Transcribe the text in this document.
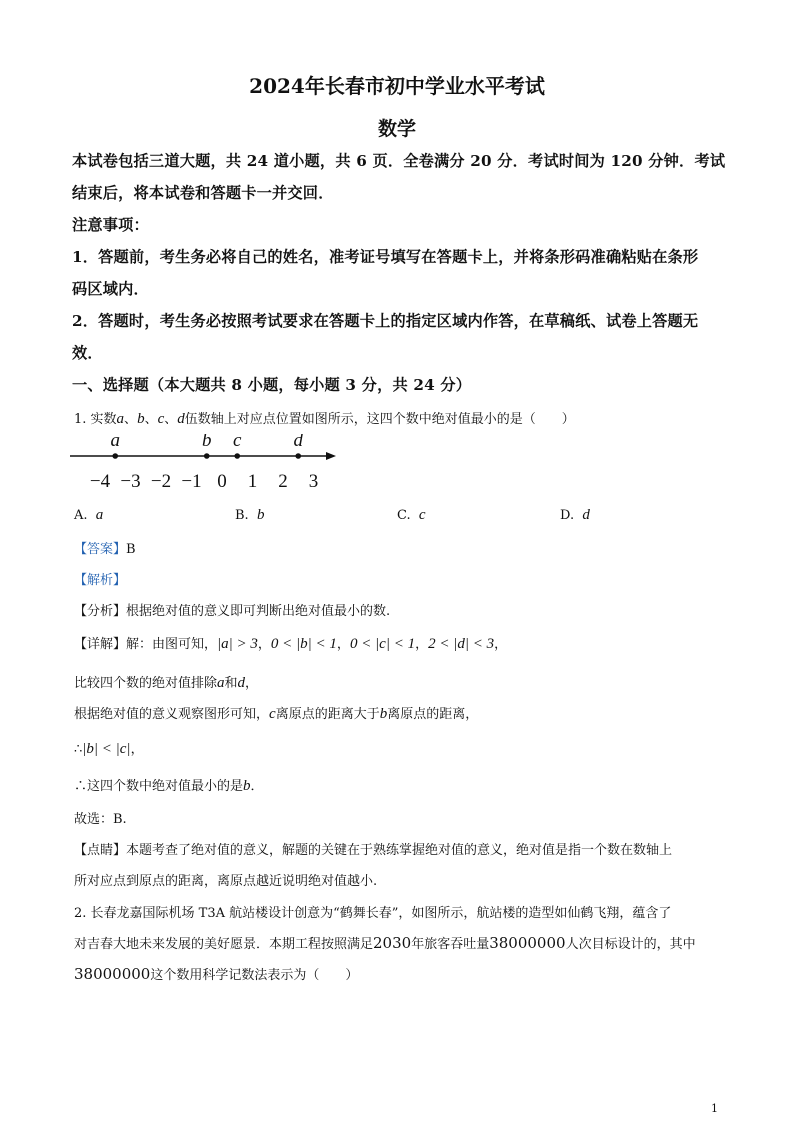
2024年长春市初中学业水平考试
数学
本试卷包括三道大题，共 24 道小题，共 6 页．全卷满分 20 分．考试时间为 120 分钟．考试
结束后，将本试卷和答题卡一并交回．
注意事项：
1．答题前，考生务必将自己的姓名，准考证号填写在答题卡上，并将条形码准确粘贴在条形
码区域内．
2．答题时，考生务必按照考试要求在答题卡上的指定区域内作答，在草稿纸、试卷上答题无
效．
一、选择题（本大题共 8 小题，每小题 3 分，共 24 分）
1. 实数a、b、c、d伍数轴上对应点位置如图所示，这四个数中绝对值最小的是（　　）
−4 −3 −2 −1 0 1 2 3
a	b c	d
A. a	B. b	C. c	D. d
【答案】B
【解析】
【分析】根据绝对值的意义即可判断出绝对值最小的数.
【详解】解：由图可知，|a| > 3，0 < |b| < 1，0 < |c| < 1，2 < |d| < 3，
比较四个数的绝对值排除a和d，
根据绝对值的意义观察图形可知，c离原点的距离大于b离原点的距离，
∴|b| < |c|，
∴这四个数中绝对值最小的是b．
故选：B.
【点睛】本题考查了绝对值的意义，解题的关键在于熟练掌握绝对值的意义，绝对值是指一个数在数轴上
所对应点到原点的距离，离原点越近说明绝对值越小.
2. 长春龙嘉国际机场 T3A 航站楼设计创意为“鹤舞长春”，如图所示，航站楼的造型如仙鹤飞翔，蕴含了
对吉春大地未来发展的美好愿景．本期工程按照满足2030年旅客吞吐量38000000人次目标设计的，其中
38000000这个数用科学记数法表示为（　　）
1
